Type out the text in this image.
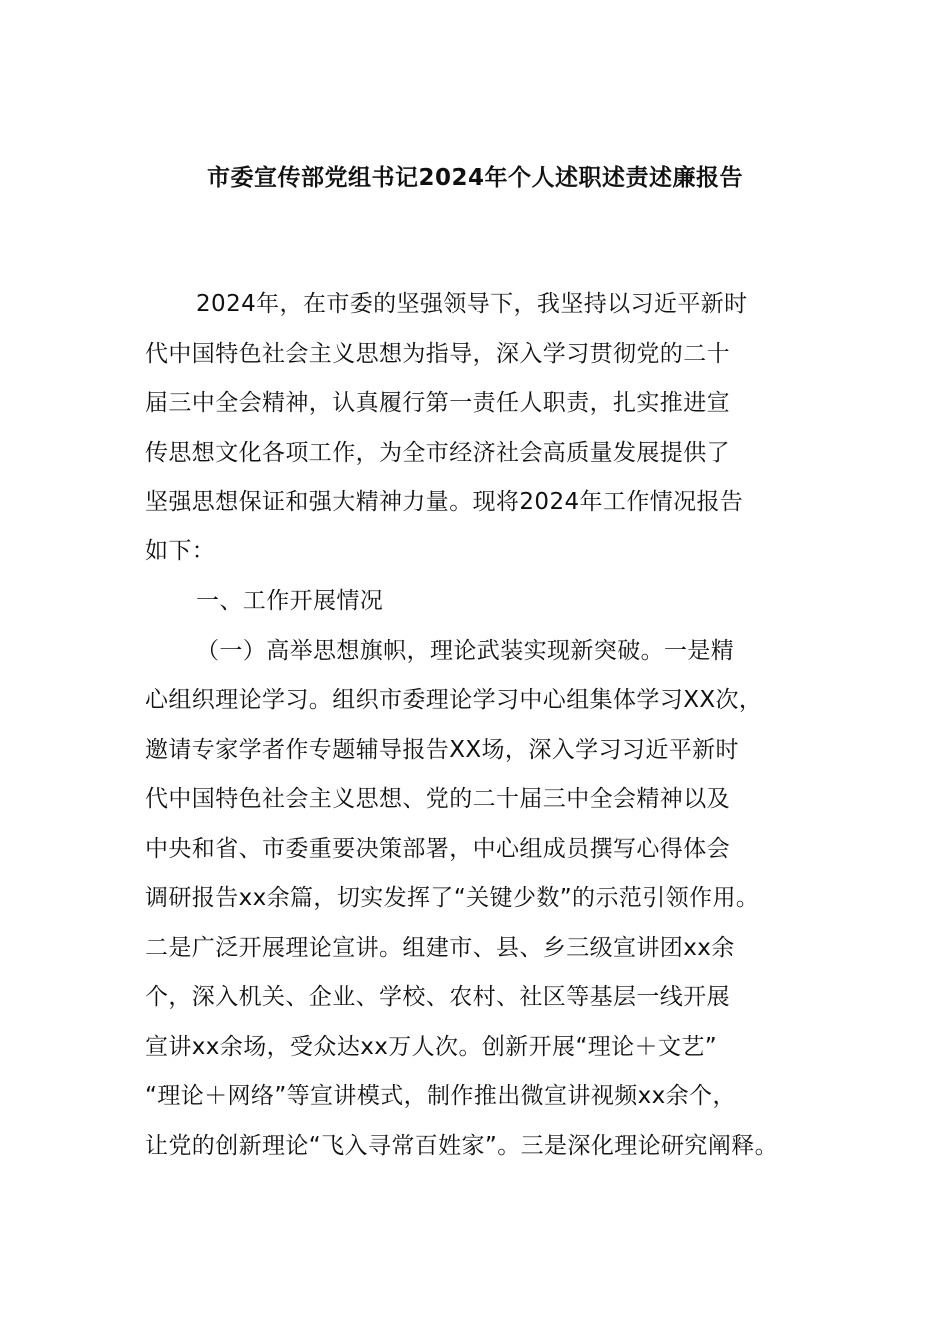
市委宣传部党组书记2024年个人述职述责述廉报告
2024年，在市委的坚强领导下，我坚持以习近平新时
代中国特色社会主义思想为指导，深入学习贯彻党的二十
届三中全会精神，认真履行第一责任人职责，扎实推进宣
传思想文化各项工作，为全市经济社会高质量发展提供了
坚强思想保证和强大精神力量。现将2024年工作情况报告
如下：
一、工作开展情况
（一）高举思想旗帜，理论武装实现新突破。一是精
心组织理论学习。组织市委理论学习中心组集体学习XX次，
邀请专家学者作专题辅导报告XX场，深入学习习近平新时
代中国特色社会主义思想、党的二十届三中全会精神以及
中央和省、市委重要决策部署，中心组成员撰写心得体会
调研报告xx余篇，切实发挥了“关键少数”的示范引领作用。
二是广泛开展理论宣讲。组建市、县、乡三级宣讲团xx余
个，深入机关、企业、学校、农村、社区等基层一线开展
宣讲xx余场，受众达xx万人次。创新开展“理论＋文艺”
“理论＋网络”等宣讲模式，制作推出微宣讲视频xx余个，
让党的创新理论“飞入寻常百姓家”。三是深化理论研究阐释。
